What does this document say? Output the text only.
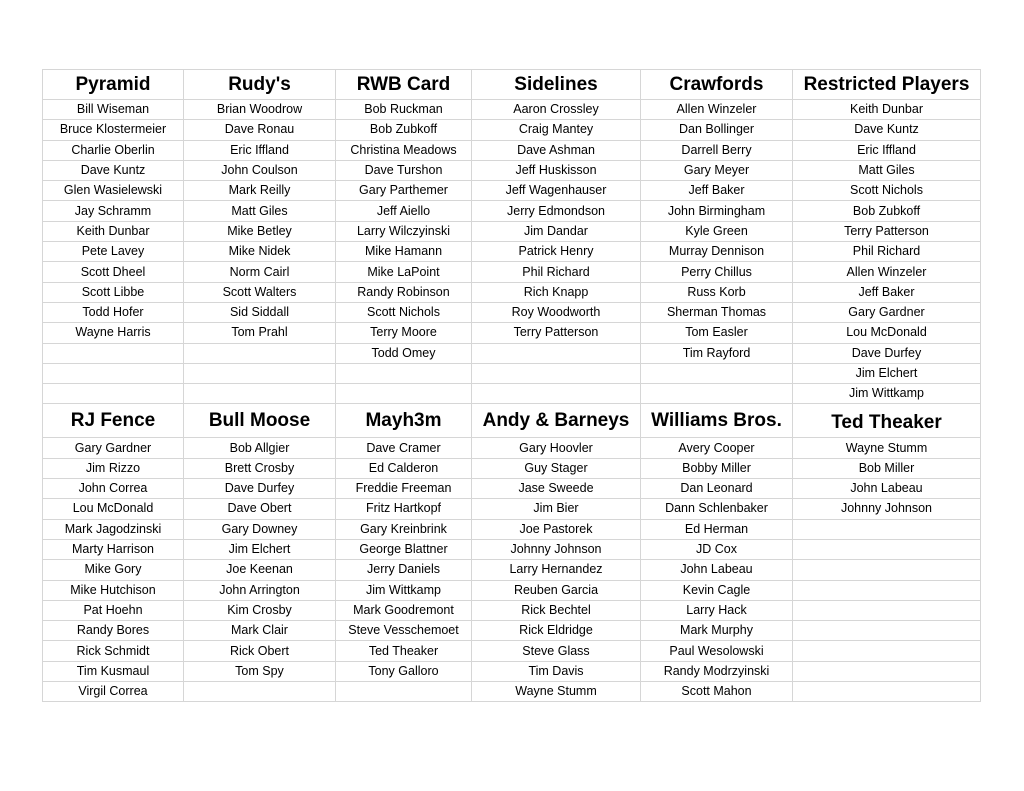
Pyramid	Rudy's	RWB Card	Sidelines	Crawfords	Restricted Players
Bill Wiseman	Brian Woodrow	Bob Ruckman	Aaron Crossley	Allen Winzeler	Keith Dunbar
Bruce Klostermeier	Dave Ronau	Bob Zubkoff	Craig Mantey	Dan Bollinger	Dave Kuntz
Charlie Oberlin	Eric Iffland	Christina Meadows	Dave Ashman	Darrell Berry	Eric Iffland
Dave Kuntz	John Coulson	Dave Turshon	Jeff Huskisson	Gary Meyer	Matt Giles
Glen Wasielewski	Mark Reilly	Gary Parthemer	Jeff Wagenhauser	Jeff Baker	Scott Nichols
Jay Schramm	Matt Giles	Jeff Aiello	Jerry Edmondson	John Birmingham	Bob Zubkoff
Keith Dunbar	Mike Betley	Larry Wilczyinski	Jim Dandar	Kyle Green	Terry Patterson
Pete Lavey	Mike Nidek	Mike Hamann	Patrick Henry	Murray Dennison	Phil Richard
Scott Dheel	Norm Cairl	Mike LaPoint	Phil Richard	Perry Chillus	Allen Winzeler
Scott Libbe	Scott Walters	Randy Robinson	Rich Knapp	Russ Korb	Jeff Baker
Todd Hofer	Sid Siddall	Scott Nichols	Roy Woodworth	Sherman Thomas	Gary Gardner
Wayne Harris	Tom Prahl	Terry Moore	Terry Patterson	Tom Easler	Lou McDonald
		Todd Omey		Tim Rayford	Dave Durfey
					Jim Elchert
					Jim Wittkamp
RJ Fence	Bull Moose	Mayh3m	Andy & Barneys	Williams Bros.	Ted Theaker
Gary Gardner	Bob Allgier	Dave Cramer	Gary Hoovler	Avery Cooper	Wayne Stumm
Jim Rizzo	Brett Crosby	Ed Calderon	Guy Stager	Bobby Miller	Bob Miller
John Correa	Dave Durfey	Freddie Freeman	Jase Sweede	Dan Leonard	John Labeau
Lou McDonald	Dave Obert	Fritz Hartkopf	Jim Bier	Dann Schlenbaker	Johnny Johnson
Mark Jagodzinski	Gary Downey	Gary Kreinbrink	Joe Pastorek	Ed Herman	
Marty Harrison	Jim Elchert	George Blattner	Johnny Johnson	JD Cox	
Mike Gory	Joe Keenan	Jerry Daniels	Larry Hernandez	John Labeau	
Mike Hutchison	John Arrington	Jim Wittkamp	Reuben Garcia	Kevin Cagle	
Pat Hoehn	Kim Crosby	Mark Goodremont	Rick Bechtel	Larry Hack	
Randy Bores	Mark Clair	Steve Vesschemoet	Rick Eldridge	Mark Murphy	
Rick Schmidt	Rick Obert	Ted Theaker	Steve Glass	Paul Wesolowski	
Tim Kusmaul	Tom Spy	Tony Galloro	Tim Davis	Randy Modrzyinski	
Virgil Correa			Wayne Stumm	Scott Mahon	
